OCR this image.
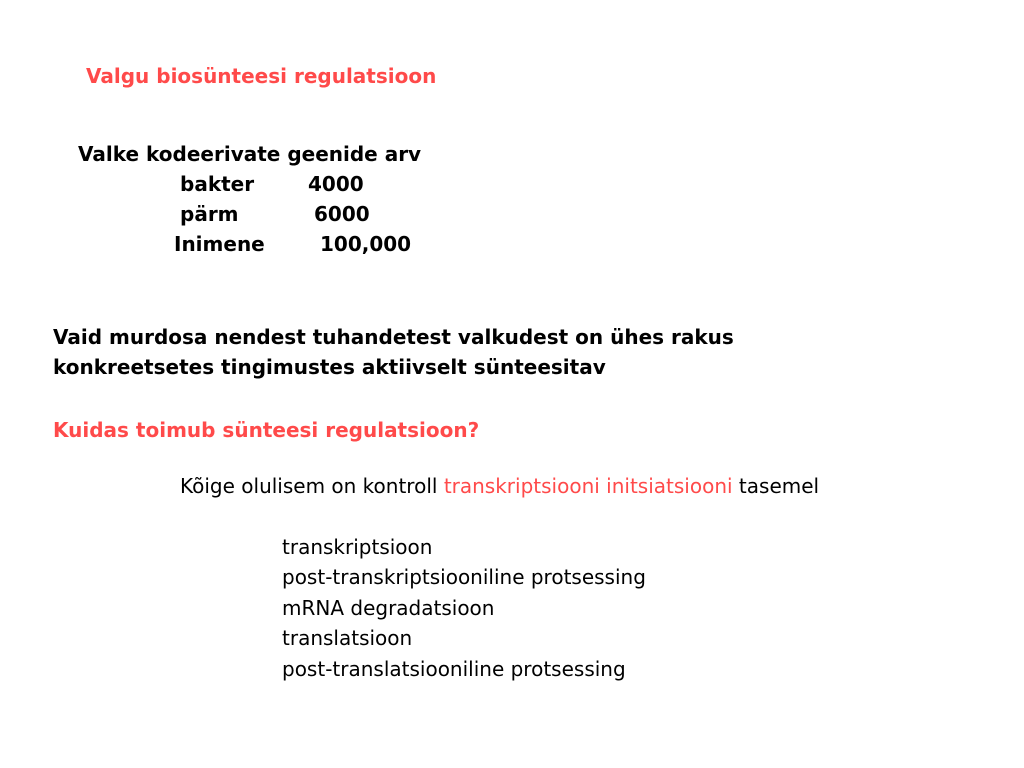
Valgu biosünteesi regulatsioon
Valke kodeerivate geenide arv
bakter	4000
pärm	6000
Inimene	100,000
Vaid murdosa nendest tuhandetest valkudest on ühes rakus
konkreetsetes tingimustes aktiivselt sünteesitav
Kuidas toimub sünteesi regulatsioon?
Kõige olulisem on kontroll transkriptsiooni initsiatsiooni tasemel
transkriptsioon
post-transkriptsiooniline protsessing
mRNA degradatsioon
translatsioon
post-translatsiooniline protsessing
